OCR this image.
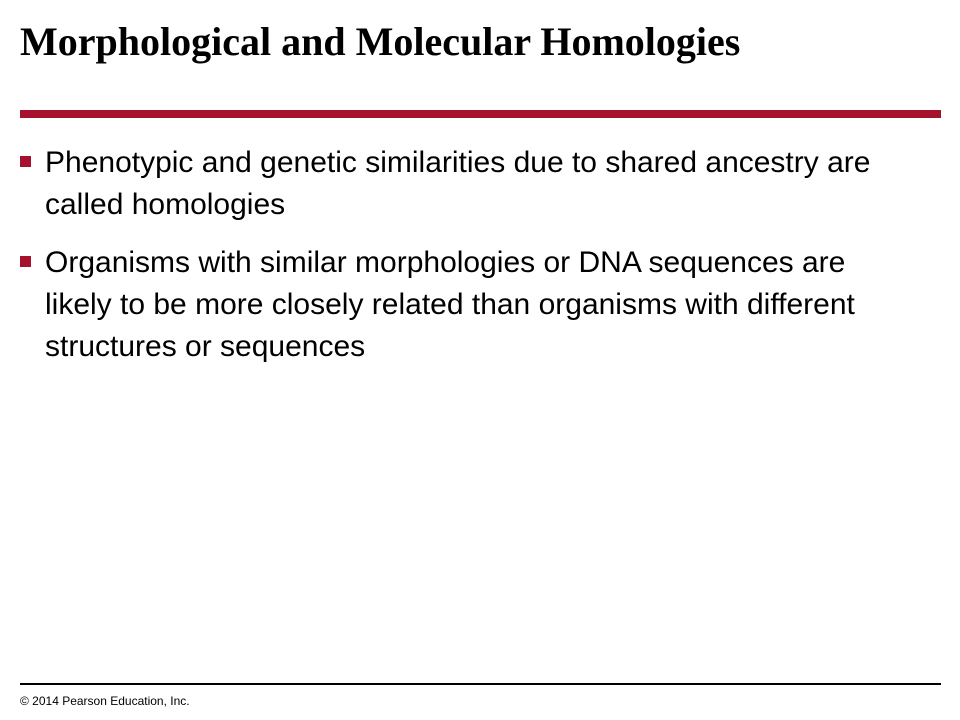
Morphological and Molecular Homologies
Phenotypic and genetic similarities due to shared ancestry are called homologies
Organisms with similar morphologies or DNA sequences are likely to be more closely related than organisms with different structures or sequences
© 2014 Pearson Education, Inc.
